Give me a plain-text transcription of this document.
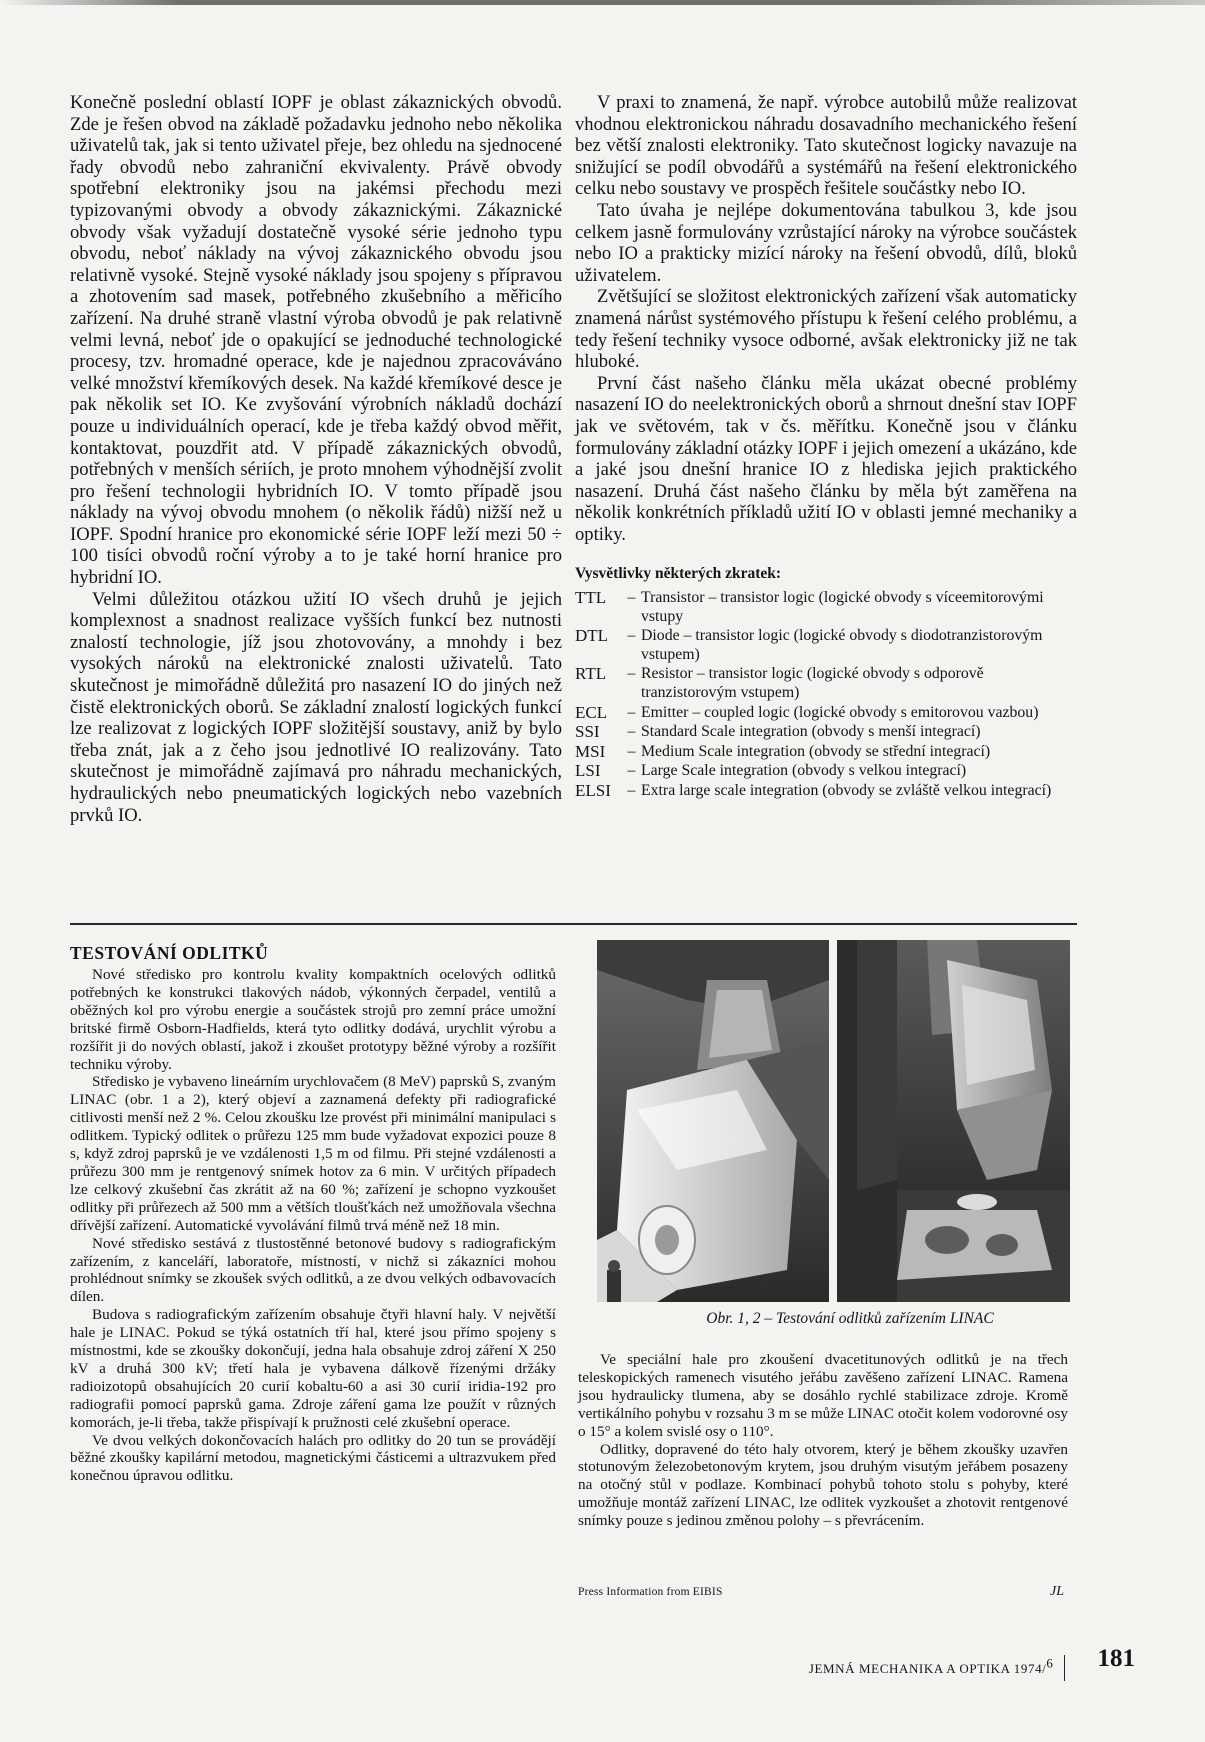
Konečně poslední oblastí IOPF je oblast zákaznických obvodů. Zde je řešen obvod na základě požadavku jednoho nebo několika uživatelů tak, jak si tento uživatel přeje, bez ohledu na sjednocené řady obvodů nebo zahraniční ekvivalenty. Právě obvody spotřební elektroniky jsou na jakémsi přechodu mezi typizovanými obvody a obvody zákaznickými. Zákaznické obvody však vyžadují dostatečně vysoké série jednoho typu obvodu, neboť náklady na vývoj zákaznického obvodu jsou relativně vysoké. Stejně vysoké náklady jsou spojeny s přípravou a zhotovením sad masek, potřebného zkušebního a měřicího zařízení. Na druhé straně vlastní výroba obvodů je pak relativně velmi levná, neboť jde o opakující se jednoduché technologické procesy, tzv. hromadné operace, kde je najednou zpracováváno velké množství křemíkových desek. Na každé křemíkové desce je pak několik set IO. Ke zvyšování výrobních nákladů dochází pouze u individuálních operací, kde je třeba každý obvod měřit, kontaktovat, pouzdřit atd. V případě zákaznických obvodů, potřebných v menších sériích, je proto mnohem výhodnější zvolit pro řešení technologii hybridních IO. V tomto případě jsou náklady na vývoj obvodu mnohem (o několik řádů) nižší než u IOPF. Spodní hranice pro ekonomické série IOPF leží mezi 50 ÷ 100 tisíci obvodů roční výroby a to je také horní hranice pro hybridní IO.

Velmi důležitou otázkou užití IO všech druhů je jejich komplexnost a snadnost realizace vyšších funkcí bez nutnosti znalostí technologie, jíž jsou zhotovovány, a mnohdy i bez vysokých nároků na elektronické znalosti uživatelů. Tato skutečnost je mimořádně důležitá pro nasazení IO do jiných než čistě elektronických oborů. Se základní znalostí logických funkcí lze realizovat z logických IOPF složitější soustavy, aniž by bylo třeba znát, jak a z čeho jsou jednotlivé IO realizovány. Tato skutečnost je mimořádně zajímavá pro náhradu mechanických, hydraulických nebo pneumatických logických nebo vazebních prvků IO.

V praxi to znamená, že např. výrobce autobilů může realizovat vhodnou elektronickou náhradu dosavadního mechanického řešení bez větší znalosti elektroniky. Tato skutečnost logicky navazuje na snižující se podíl obvodářů a systémářů na řešení elektronického celku nebo soustavy ve prospěch řešitele součástky nebo IO.

Tato úvaha je nejlépe dokumentována tabulkou 3, kde jsou celkem jasně formulovány vzrůstající nároky na výrobce součástek nebo IO a prakticky mizící nároky na řešení obvodů, dílů, bloků uživatelem.

Zvětšující se složitost elektronických zařízení však automaticky znamená nárůst systémového přístupu k řešení celého problému, a tedy řešení techniky vysoce odborné, avšak elektronicky již ne tak hluboké.

První část našeho článku měla ukázat obecné problémy nasazení IO do neelektronických oborů a shrnout dnešní stav IOPF jak ve světovém, tak v čs. měřítku. Konečně jsou v článku formulovány základní otázky IOPF i jejich omezení a ukázáno, kde a jaké jsou dnešní hranice IO z hlediska jejich praktického nasazení. Druhá část našeho článku by měla být zaměřena na několik konkrétních příkladů užití IO v oblasti jemné mechaniky a optiky.

Vysvětlivky některých zkratek:
TTL	– Transistor – transistor logic (logické obvody s víceemitorovými vstupy
DTL	– Diode – transistor logic (logické obvody s diodotranzistorovým vstupem)
RTL	– Resistor – transistor logic (logické obvody s odporově tranzistorovým vstupem)
ECL	– Emitter – coupled logic (logické obvody s emitorovou vazbou)
SSI	– Standard Scale integration (obvody s menší integrací)
MSI	– Medium Scale integration (obvody se střední integrací)
LSI	– Large Scale integration (obvody s velkou integrací)
ELSI	– Extra large scale integration (obvody se zvláště velkou integrací)
TESTOVÁNÍ ODLITKŮ

Nové středisko pro kontrolu kvality kompaktních ocelových odlitků potřebných ke konstrukci tlakových nádob, výkonných čerpadel, ventilů a oběžných kol pro výrobu energie a součástek strojů pro zemní práce umožní britské firmě Osborn-Hadfields, která tyto odlitky dodává, urychlit výrobu a rozšířit ji do nových oblastí, jakož i zkoušet prototypy běžné výroby a rozšířit techniku výroby.

Středisko je vybaveno lineárním urychlovačem (8 MeV) paprsků S, zvaným LINAC (obr. 1 a 2), který objeví a zaznamená defekty při radiografické citlivosti menší než 2 %. Celou zkoušku lze provést při minimální manipulaci s odlitkem. Typický odlitek o průřezu 125 mm bude vyžadovat expozici pouze 8 s, když zdroj paprsků je ve vzdálenosti 1,5 m od filmu. Při stejné vzdálenosti a průřezu 300 mm je rentgenový snímek hotov za 6 min. V určitých případech lze celkový zkušební čas zkrátit až na 60 %; zařízení je schopno vyzkoušet odlitky při průřezech až 500 mm a větších tloušťkách než umožňovala všechna dřívější zařízení. Automatické vyvolávání filmů trvá méně než 18 min.

Nové středisko sestává z tlustostěnné betonové budovy s radiografickým zařízením, z kanceláří, laboratoře, místností, v nichž si zákazníci mohou prohlédnout snímky se zkoušek svých odlitků, a ze dvou velkých odbavovacích dílen.

Budova s radiografickým zařízením obsahuje čtyři hlavní haly. V největší hale je LINAC. Pokud se týká ostatních tří hal, které jsou přímo spojeny s místnostmi, kde se zkoušky dokončují, jedna hala obsahuje zdroj záření X 250 kV a druhá 300 kV; třetí hala je vybavena dálkově řízenými držáky radioizotopů obsahujících 20 curií kobaltu-60 a asi 30 curií iridia-192 pro radiografii pomocí paprsků gama. Zdroje záření gama lze použít v různých komorách, je-li třeba, takže přispívají k pružnosti celé zkušební operace.

Ve dvou velkých dokončovacích halách pro odlitky do 20 tun se provádějí běžné zkoušky kapilární metodou, magnetickými částicemi a ultrazvukem před konečnou úpravou odlitku.

Obr. 1, 2 – Testování odlitků zařízením LINAC

Ve speciální hale pro zkoušení dvacetitunových odlitků je na třech teleskopických ramenech visutého jeřábu zavěšeno zařízení LINAC. Ramena jsou hydraulicky tlumena, aby se dosáhlo rychlé stabilizace zdroje. Kromě vertikálního pohybu v rozsahu 3 m se může LINAC otočit kolem vodorovné osy o 15° a kolem svislé osy o 110°.

Odlitky, dopravené do této haly otvorem, který je během zkoušky uzavřen stotunovým železobetonovým krytem, jsou druhým visutým jeřábem posazeny na otočný stůl v podlaze. Kombinací pohybů tohoto stolu s pohyby, které umožňuje montáž zařízení LINAC, lze odlitek vyzkoušet a zhotovit rentgenové snímky pouze s jedinou změnou polohy – s převrácením.

Press Information from EIBIS	JL
JEMNÁ MECHANIKA A OPTIKA 1974/$^6$	181
